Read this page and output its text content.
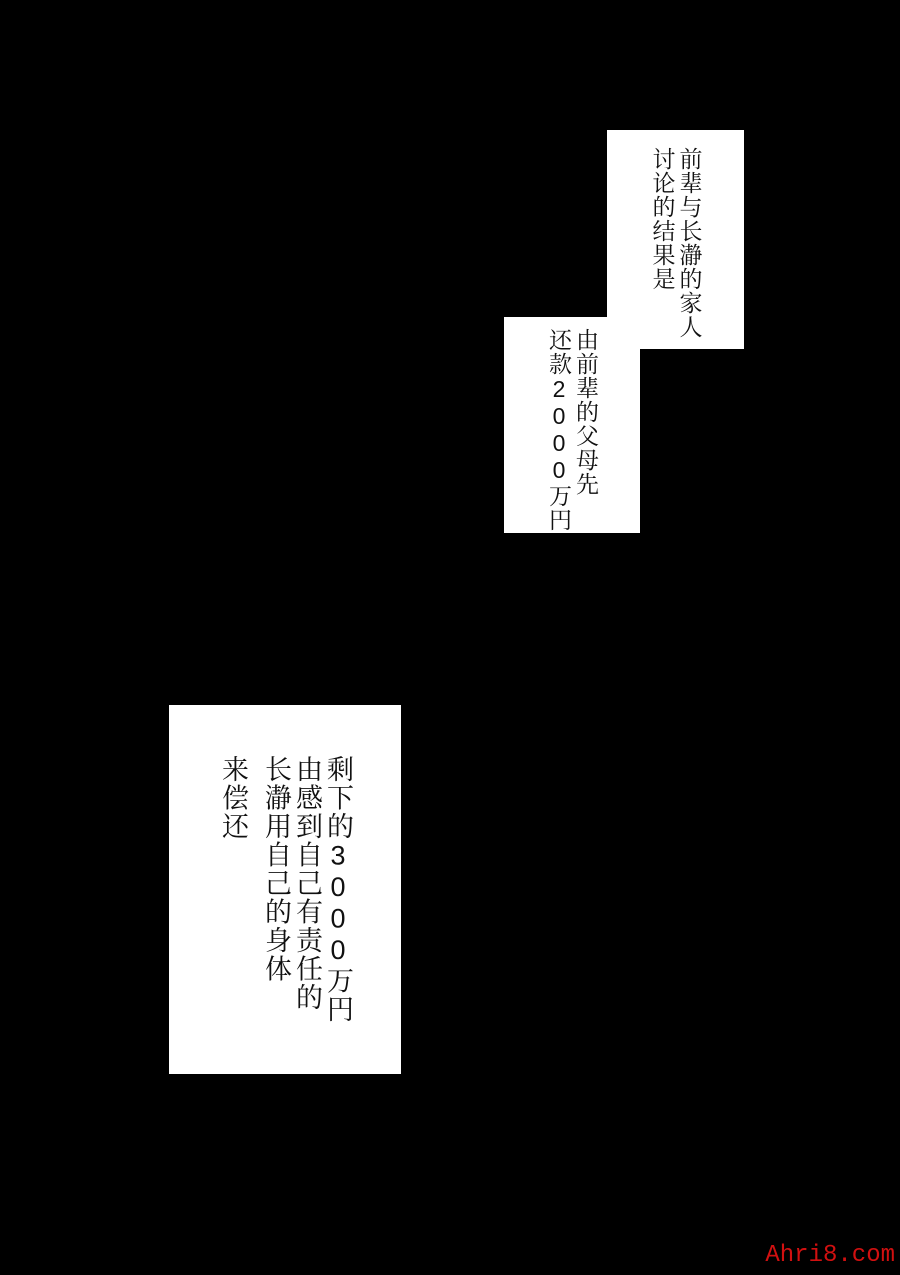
前辈与长瀞的家人
讨论的结果是
由前辈的父母先
还款2000万円
剩下的3000万円
由感到自己有责任的
长瀞用自己的身体
来偿还
Ahri8.com
